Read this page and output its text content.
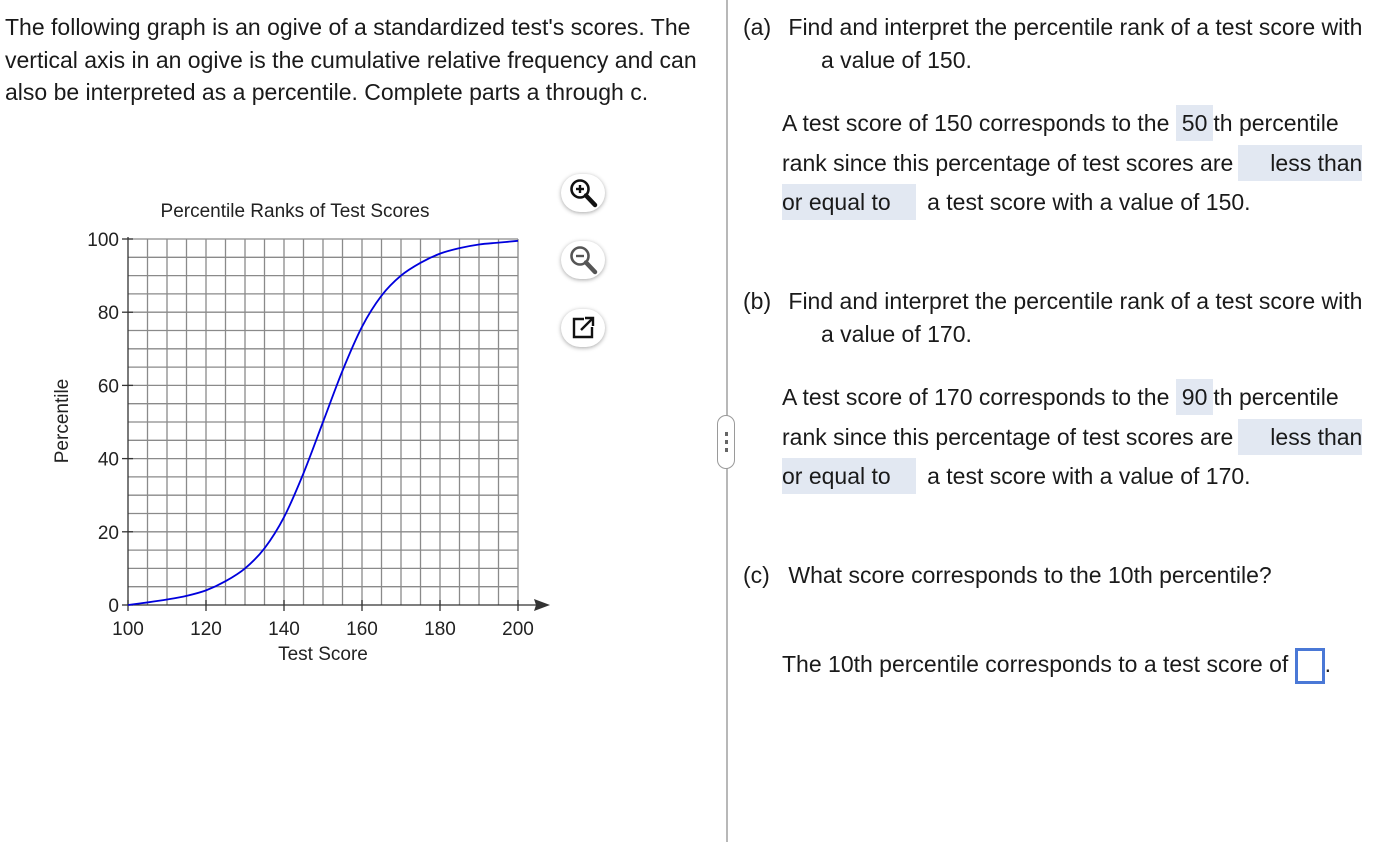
The following graph is an ogive of a standardized test's scores. The vertical axis in an ogive is the cumulative relative frequency and can also be interpreted as a percentile. Complete parts a through c.

Percentile Ranks of Test Scores
Percentile
Test Score
100 120 140 160 180 200
0
20
40
60
80
100
(a) Find and interpret the percentile rank of a test score with a value of 150.
A test score of 150 corresponds to the 50 th percentile rank since this percentage of test scores are less than or equal to a test score with a value of 150.
(b) Find and interpret the percentile rank of a test score with a value of 170.
A test score of 170 corresponds to the 90 th percentile rank since this percentage of test scores are less than or equal to a test score with a value of 170.
(c) What score corresponds to the 10th percentile?
The 10th percentile corresponds to a test score of .
